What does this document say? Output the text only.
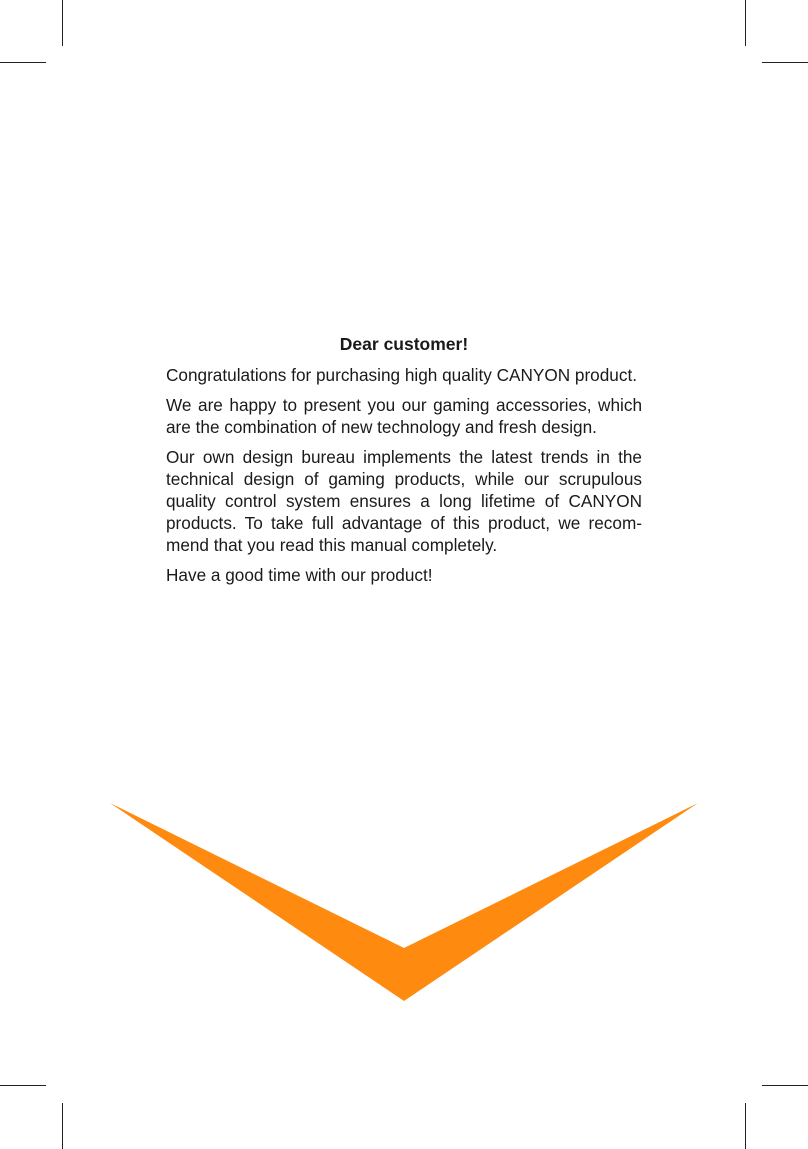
Dear customer!

Congratulations for purchasing high quality CANYON product.

We are happy to present you our gaming accessories, which are the combination of new technology and fresh design.

Our own design bureau implements the latest trends in the technical design of gaming products, while our scrupulous quality control system ensures a long lifetime of CANYON products. To take full advantage of this product, we recom-mend that you read this manual completely.

Have a good time with our product!
